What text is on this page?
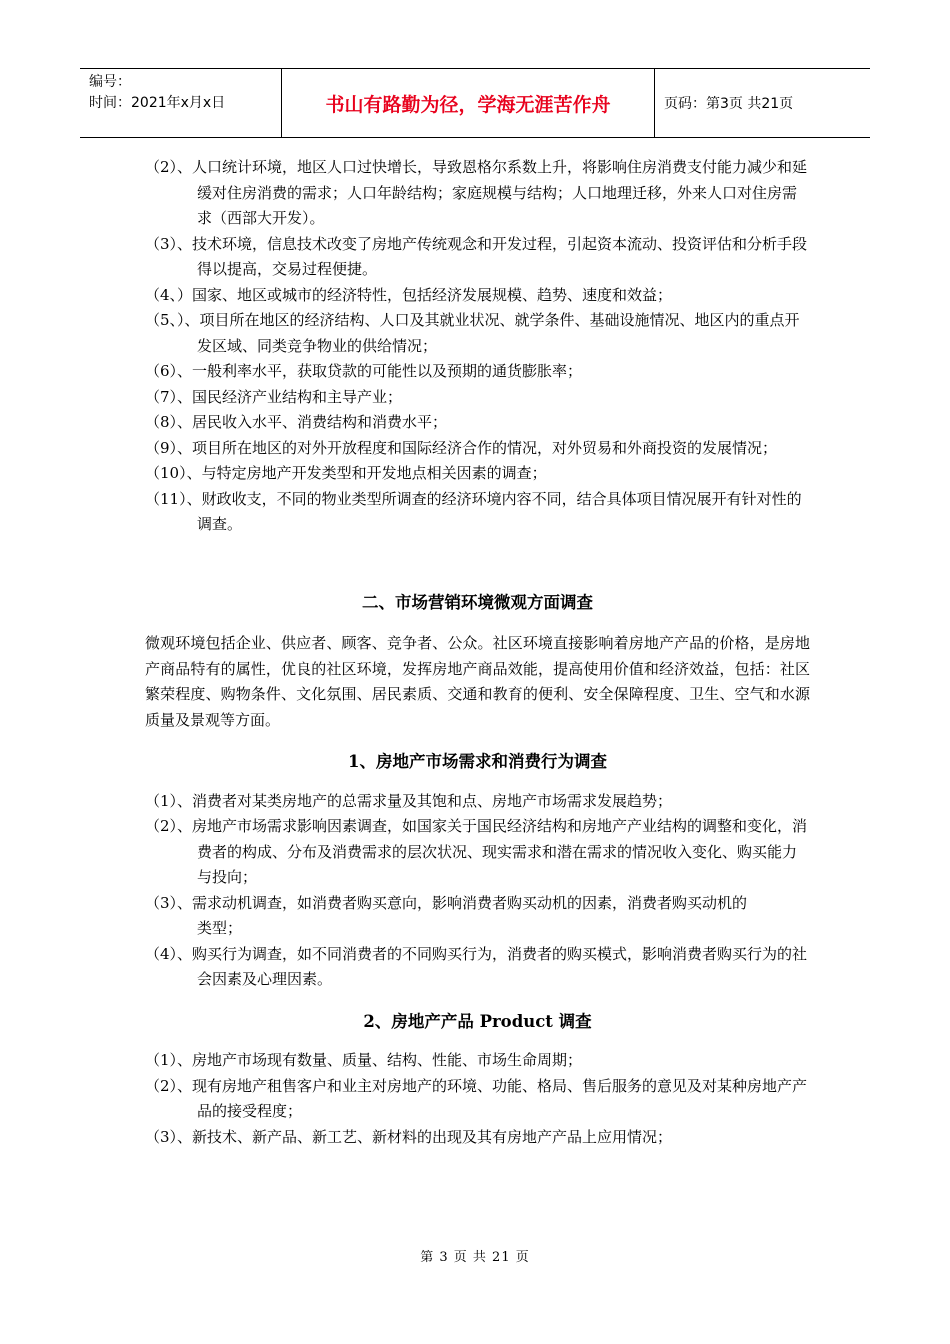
编号：
时间：2021年x月x日	书山有路勤为径，学海无涯苦作舟	页码：第3页 共21页
（2）、人口统计环境，地区人口过快增长，导致恩格尔系数上升，将影响住房消费支付能力减少和延缓对住房消费的需求；人口年龄结构；家庭规模与结构；人口地理迁移，外来人口对住房需求（西部大开发）。
（3）、技术环境，信息技术改变了房地产传统观念和开发过程，引起资本流动、投资评估和分析手段得以提高，交易过程便捷。
（4、）国家、地区或城市的经济特性，包括经济发展规模、趋势、速度和效益；
（5、）、项目所在地区的经济结构、人口及其就业状况、就学条件、基础设施情况、地区内的重点开发区域、同类竞争物业的供给情况；
（6）、一般利率水平，获取贷款的可能性以及预期的通货膨胀率；
（7）、国民经济产业结构和主导产业；
（8）、居民收入水平、消费结构和消费水平；
（9）、项目所在地区的对外开放程度和国际经济合作的情况，对外贸易和外商投资的发展情况；
（10）、与特定房地产开发类型和开发地点相关因素的调查；
（11）、财政收支，不同的物业类型所调查的经济环境内容不同，结合具体项目情况展开有针对性的调查。
二、市场营销环境微观方面调查
微观环境包括企业、供应者、顾客、竞争者、公众。社区环境直接影响着房地产产品的价格，是房地产商品特有的属性，优良的社区环境，发挥房地产商品效能，提高使用价值和经济效益，包括：社区繁荣程度、购物条件、文化氛围、居民素质、交通和教育的便利、安全保障程度、卫生、空气和水源质量及景观等方面。
1、房地产市场需求和消费行为调查
（1）、消费者对某类房地产的总需求量及其饱和点、房地产市场需求发展趋势；
（2）、房地产市场需求影响因素调查，如国家关于国民经济结构和房地产产业结构的调整和变化，消费者的构成、分布及消费需求的层次状况、现实需求和潜在需求的情况收入变化、购买能力与投向；
（3）、需求动机调查，如消费者购买意向，影响消费者购买动机的因素，消费者购买动机的
类型；
（4）、购买行为调查，如不同消费者的不同购买行为，消费者的购买模式，影响消费者购买行为的社会因素及心理因素。
2、房地产产品 Product 调查
（1）、房地产市场现有数量、质量、结构、性能、市场生命周期；
（2）、现有房地产租售客户和业主对房地产的环境、功能、格局、售后服务的意见及对某种房地产产品的接受程度；
（3）、新技术、新产品、新工艺、新材料的出现及其有房地产产品上应用情况；
第 3 页 共 21 页
